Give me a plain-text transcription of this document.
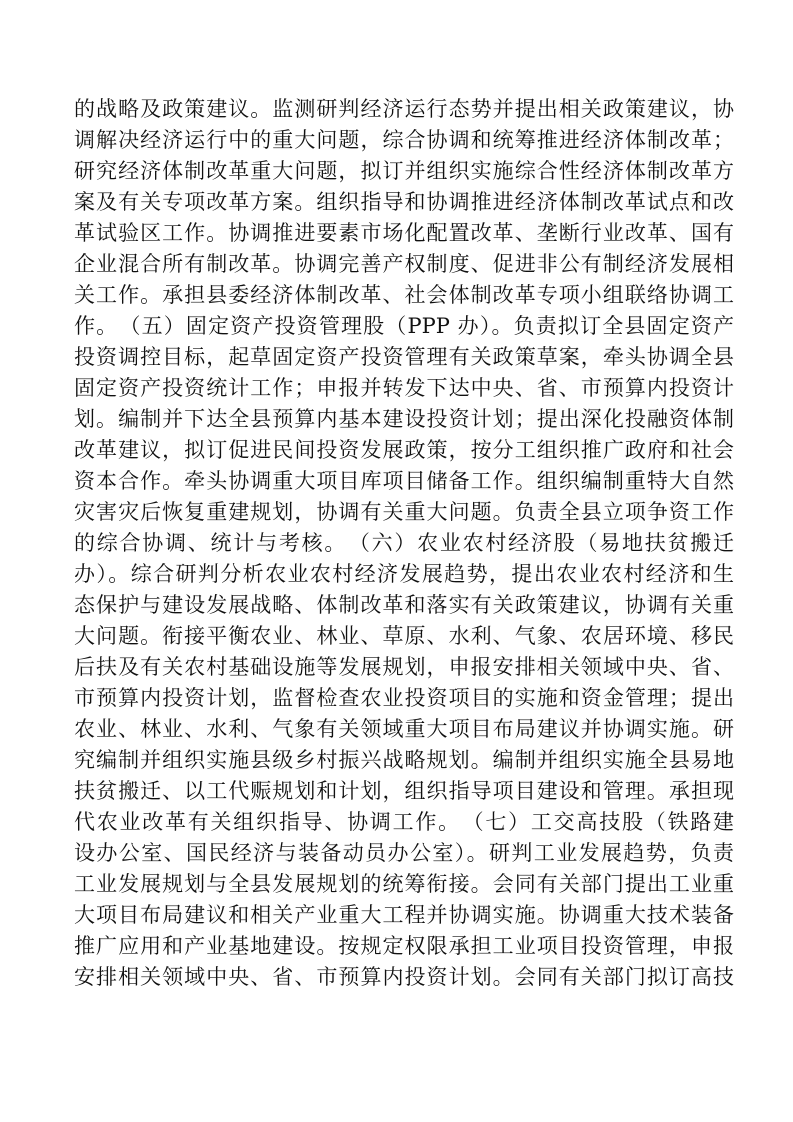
的战略及政策建议。监测研判经济运行态势并提出相关政策建议，协
调解决经济运行中的重大问题，综合协调和统筹推进经济体制改革；
研究经济体制改革重大问题，拟订并组织实施综合性经济体制改革方
案及有关专项改革方案。组织指导和协调推进经济体制改革试点和改
革试验区工作。协调推进要素市场化配置改革、垄断行业改革、国有
企业混合所有制改革。协调完善产权制度、促进非公有制经济发展相
关工作。承担县委经济体制改革、社会体制改革专项小组联络协调工
作。　（五）固定资产投资管理股（PPP 办）。负责拟订全县固定资产
投资调控目标，起草固定资产投资管理有关政策草案，牵头协调全县
固定资产投资统计工作；申报并转发下达中央、省、市预算内投资计
划。编制并下达全县预算内基本建设投资计划；提出深化投融资体制
改革建议，拟订促进民间投资发展政策，按分工组织推广政府和社会
资本合作。牵头协调重大项目库项目储备工作。组织编制重特大自然
灾害灾后恢复重建规划，协调有关重大问题。负责全县立项争资工作
的综合协调、统计与考核。　（六）农业农村经济股（易地扶贫搬迁
办）。综合研判分析农业农村经济发展趋势，提出农业农村经济和生
态保护与建设发展战略、体制改革和落实有关政策建议，协调有关重
大问题。衔接平衡农业、林业、草原、水利、气象、农居环境、移民
后扶及有关农村基础设施等发展规划，申报安排相关领域中央、省、
市预算内投资计划，监督检查农业投资项目的实施和资金管理；提出
农业、林业、水利、气象有关领域重大项目布局建议并协调实施。研
究编制并组织实施县级乡村振兴战略规划。编制并组织实施全县易地
扶贫搬迁、以工代赈规划和计划，组织指导项目建设和管理。承担现
代农业改革有关组织指导、协调工作。　（七）工交高技股（铁路建
设办公室、国民经济与装备动员办公室）。研判工业发展趋势，负责
工业发展规划与全县发展规划的统筹衔接。会同有关部门提出工业重
大项目布局建议和相关产业重大工程并协调实施。协调重大技术装备
推广应用和产业基地建设。按规定权限承担工业项目投资管理，申报
安排相关领域中央、省、市预算内投资计划。会同有关部门拟订高技
